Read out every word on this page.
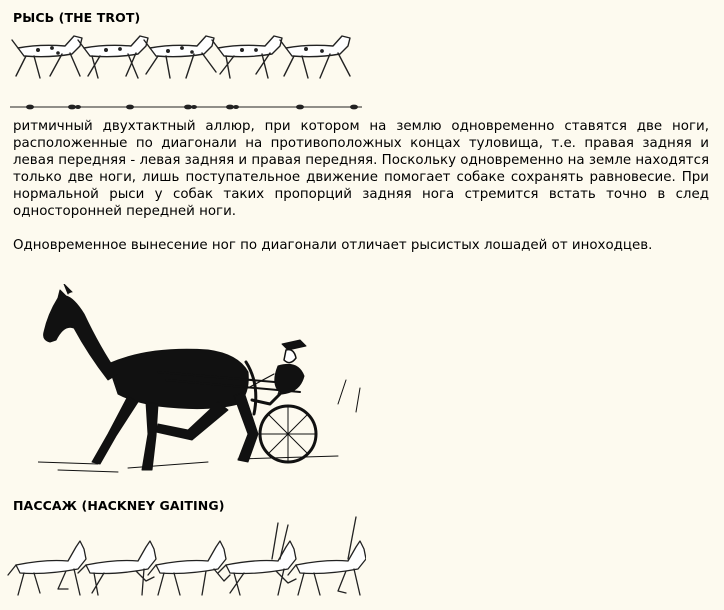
РЫСЬ (THE TROT)

ритмичный двухтактный аллюр, при котором на землю одновременно ставятся две ноги, расположенные по диагонали на противоположных концах туловища, т.е. правая задняя и левая передняя - левая задняя и правая передняя. Поскольку одновременно на земле находятся только две ноги, лишь поступательное движение помогает собаке сохранять равновесие. При нормальной рыси у собак таких пропорций задняя нога стремится встать точно в след односторонней передней ноги.

Одновременное вынесение ног по диагонали отличает рысистых лошадей от иноходцев.

ПАССАЖ (HACKNEY GAITING)
